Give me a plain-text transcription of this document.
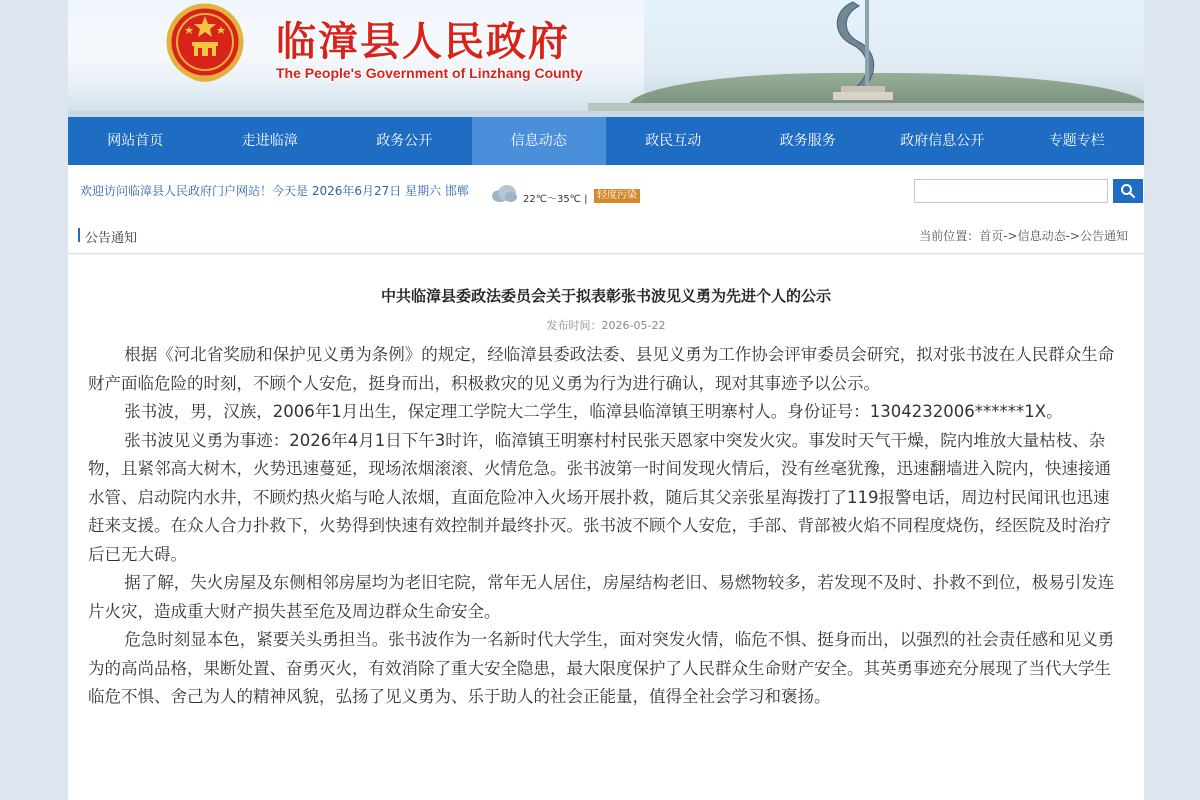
临漳县人民政府
The People's Government of Linzhang County
网站首页	走进临漳	政务公开	信息动态	政民互动	政务服务	政府信息公开	专题专栏
欢迎访问临漳县人民政府门户网站！今天是 2026年6月27日 星期六 邯郸
22℃～35℃ | 轻度污染
公告通知	当前位置： 首页->信息动态->公告通知
中共临漳县委政法委员会关于拟表彰张书波见义勇为先进个人的公示
发布时间：2026-05-22

根据《河北省奖励和保护见义勇为条例》的规定，经临漳县委政法委、县见义勇为工作协会评审委员会研究，拟对张书波在人民群众生命财产面临危险的时刻，不顾个人安危，挺身而出，积极救灾的见义勇为行为进行确认，现对其事迹予以公示。

张书波，男，汉族，2006年1月出生，保定理工学院大二学生，临漳县临漳镇王明寨村人。身份证号：1304232006******1X。

张书波见义勇为事迹：2026年4月1日下午3时许，临漳镇王明寨村村民张天恩家中突发火灾。事发时天气干燥，院内堆放大量枯枝、杂物，且紧邻高大树木，火势迅速蔓延，现场浓烟滚滚、火情危急。张书波第一时间发现火情后，没有丝毫犹豫，迅速翻墙进入院内，快速接通水管、启动院内水井，不顾灼热火焰与呛人浓烟，直面危险冲入火场开展扑救，随后其父亲张星海拨打了119报警电话，周边村民闻讯也迅速赶来支援。在众人合力扑救下，火势得到快速有效控制并最终扑灭。张书波不顾个人安危，手部、背部被火焰不同程度烧伤，经医院及时治疗后已无大碍。

据了解，失火房屋及东侧相邻房屋均为老旧宅院，常年无人居住，房屋结构老旧、易燃物较多，若发现不及时、扑救不到位，极易引发连片火灾，造成重大财产损失甚至危及周边群众生命安全。

危急时刻显本色，紧要关头勇担当。张书波作为一名新时代大学生，面对突发火情，临危不惧、挺身而出，以强烈的社会责任感和见义勇为的高尚品格，果断处置、奋勇灭火，有效消除了重大安全隐患，最大限度保护了人民群众生命财产安全。其英勇事迹充分展现了当代大学生临危不惧、舍己为人的精神风貌，弘扬了见义勇为、乐于助人的社会正能量，值得全社会学习和褒扬。
